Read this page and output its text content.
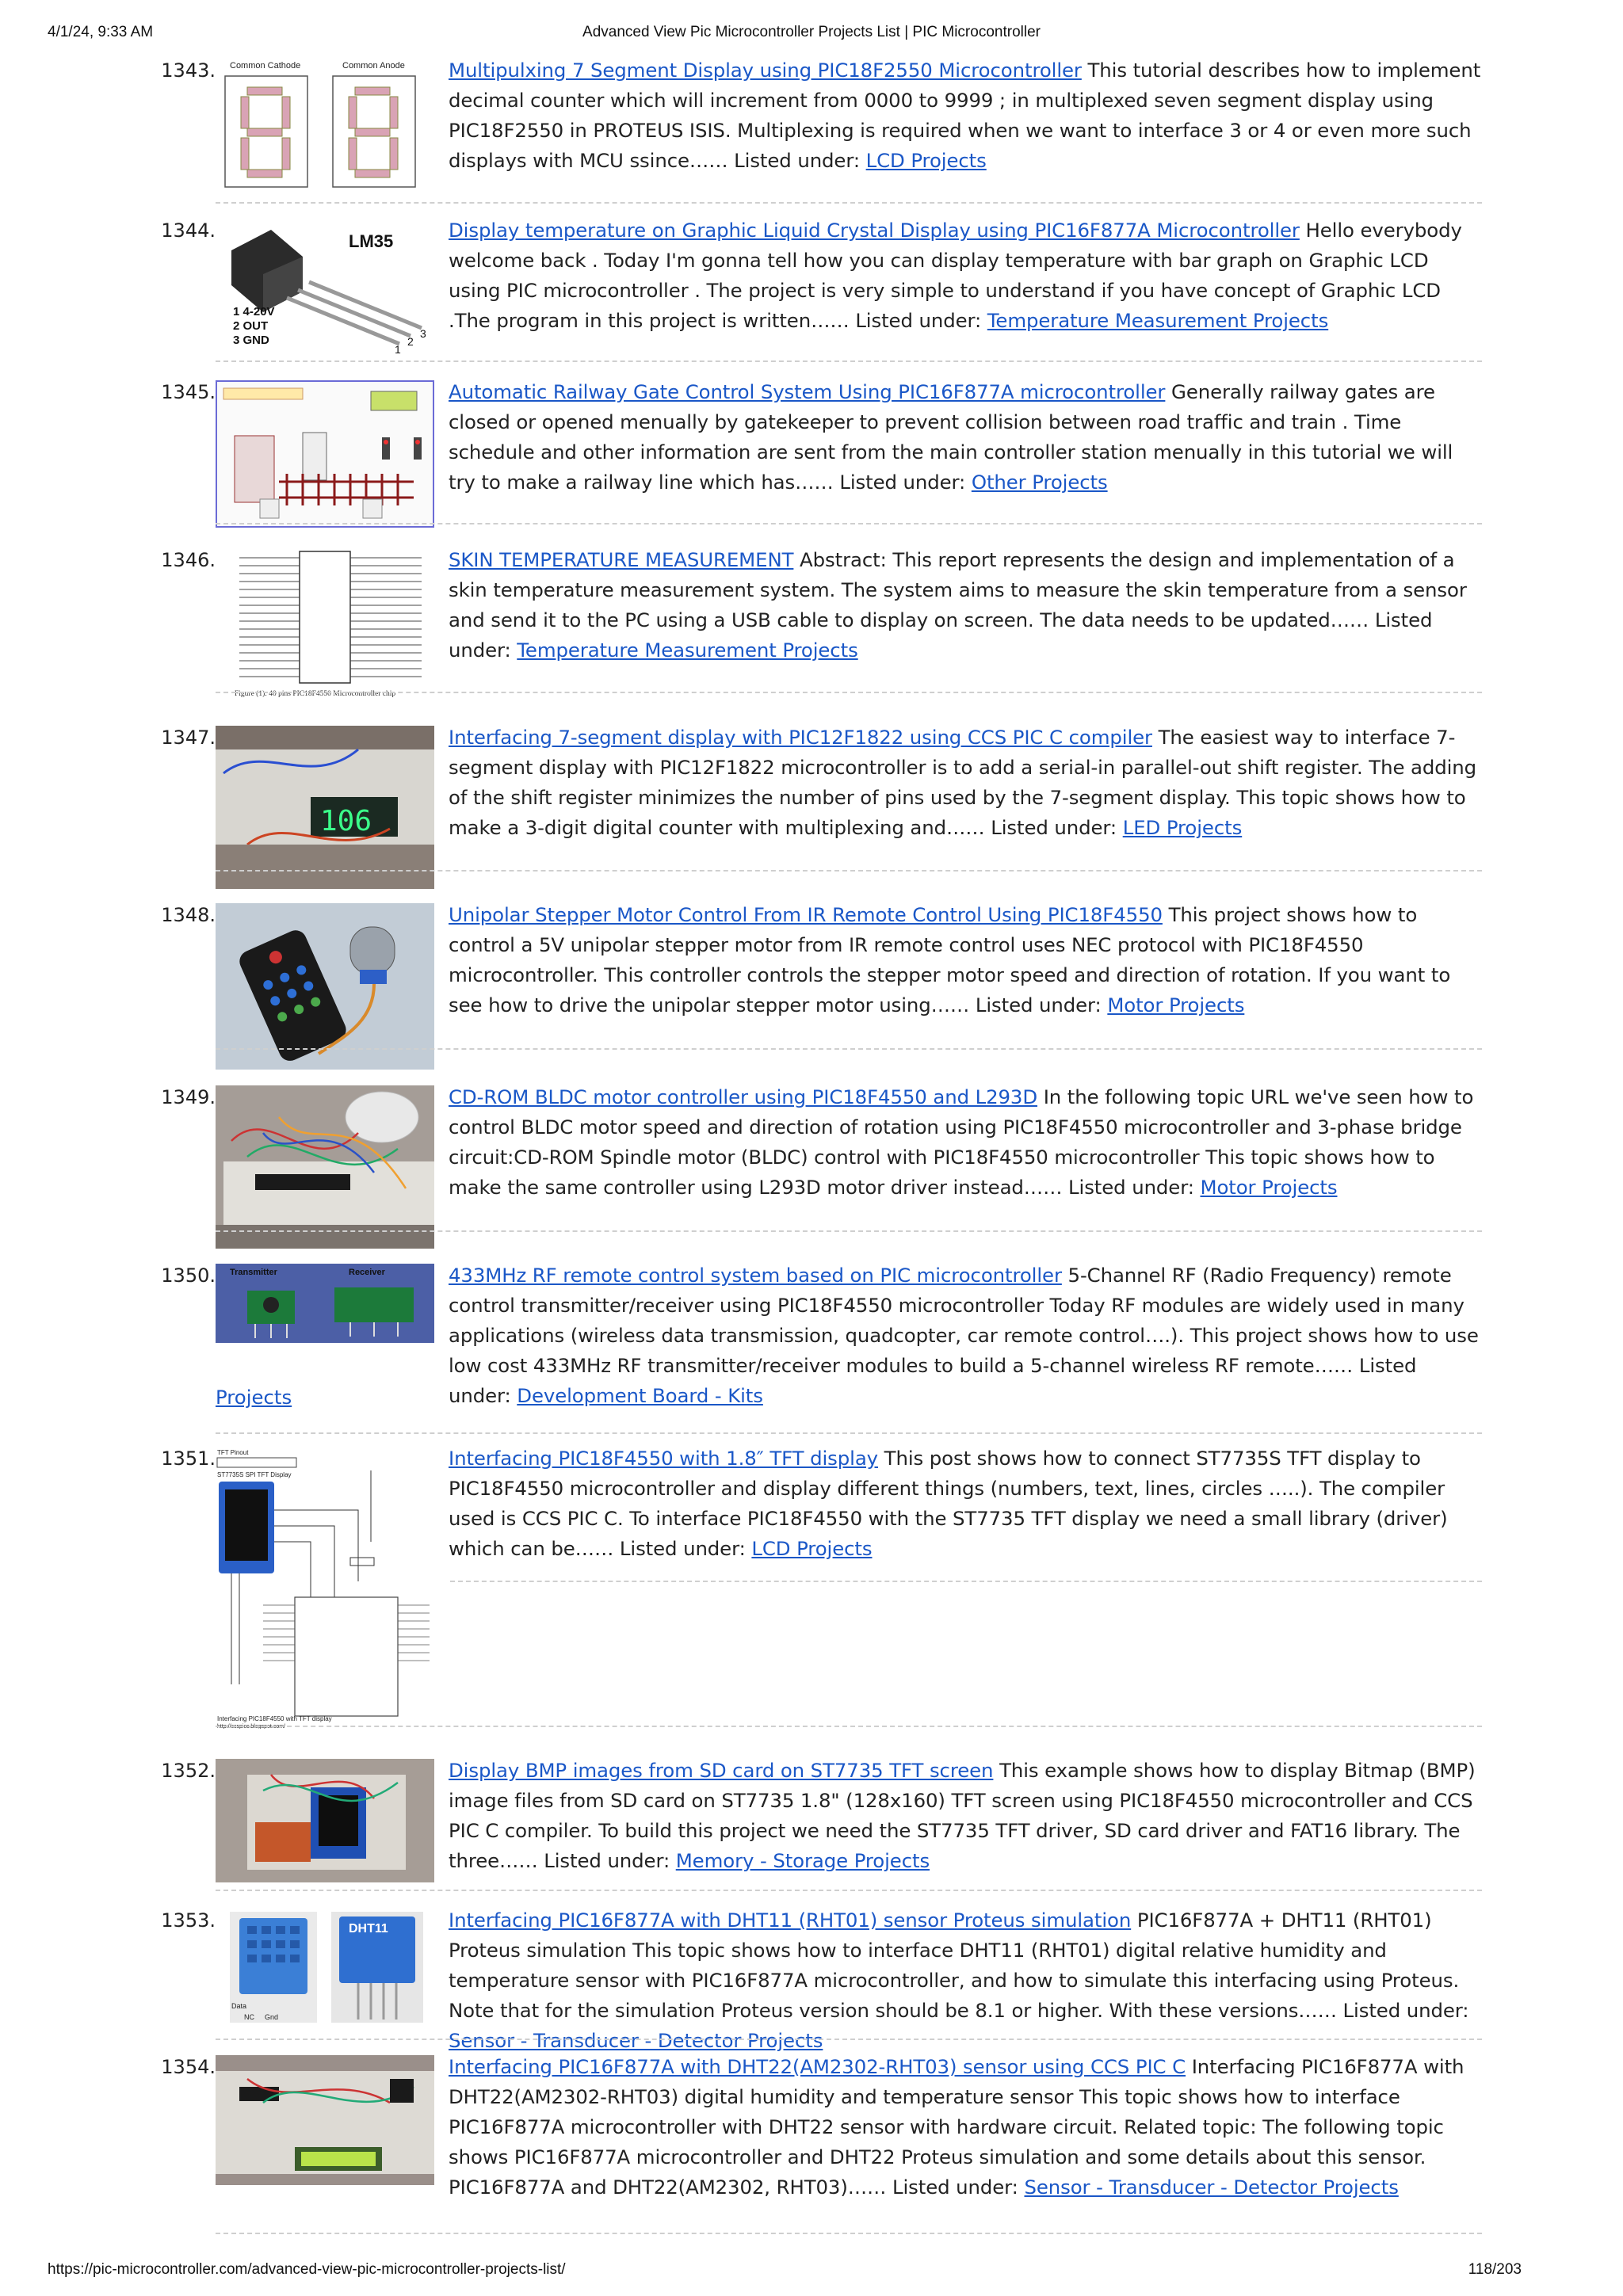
4/1/24, 9:33 AM	Advanced View Pic Microcontroller Projects List | PIC Microcontroller
1343. Common Cathode	Common Anode Multipulxing 7 Segment Display using PIC18F2550 Microcontroller This tutorial describes how to implement decimal counter which will increment from 0000 to 9999 ; in multiplexed seven segment display using PIC18F2550 in PROTEUS ISIS. Multiplexing is required when we want to interface 3 or 4 or even more such displays with MCU ssince…… Listed under: LCD Projects
1344.	LM35
1 4-20V
2 OUT
3 GND
1
2
3
Display temperature on Graphic Liquid Crystal Display using PIC16F877A Microcontroller Hello everybody welcome back . Today I'm gonna tell how you can display temperature with bar graph on Graphic LCD using PIC microcontroller . The project is very simple to understand if you have concept of Graphic LCD .The program in this project is written…… Listed under: Temperature Measurement Projects
1345.	Automatic Railway Gate Control System Using PIC16F877A microcontroller Generally railway gates are closed or opened menually by gatekeeper to prevent collision between road traffic and train . Time schedule and other information are sent from the main controller station menually in this tutorial we will try to make a railway line which has…… Listed under: Other Projects
1346.
Figure (1): 40 pins PIC18F4550 Microcontroller chip
SKIN TEMPERATURE MEASUREMENT Abstract: This report represents the design and implementation of a skin temperature measurement system. The system aims to measure the skin temperature from a sensor and send it to the PC using a USB cable to display on screen. The data needs to be updated…… Listed under: Temperature Measurement Projects
1347.
106
Interfacing 7-segment display with PIC12F1822 using CCS PIC C compiler The easiest way to interface 7-segment display with PIC12F1822 microcontroller is to add a serial-in parallel-out shift register. The adding of the shift register minimizes the number of pins used by the 7-segment display. This topic shows how to make a 3-digit digital counter with multiplexing and…… Listed under: LED Projects
1348.	Unipolar Stepper Motor Control From IR Remote Control Using PIC18F4550 This project shows how to control a 5V unipolar stepper motor from IR remote control uses NEC protocol with PIC18F4550 microcontroller. This controller controls the stepper motor speed and direction of rotation. If you want to see how to drive the unipolar stepper motor using…… Listed under: Motor Projects
1349.	CD-ROM BLDC motor controller using PIC18F4550 and L293D In the following topic URL we've seen how to control BLDC motor speed and direction of rotation using PIC18F4550 microcontroller and 3-phase bridge circuit:CD-ROM Spindle motor (BLDC) control with PIC18F4550 microcontroller This topic shows how to make the same controller using L293D motor driver instead…… Listed under: Motor Projects
1350. Transmitter	Receiver	433MHz RF remote control system based on PIC microcontroller 5-Channel RF (Radio Frequency) remote control transmitter/receiver using PIC18F4550 microcontroller Today RF modules are widely used in many applications (wireless data transmission, quadcopter, car remote control….). This project shows how to use low cost 433MHz RF transmitter/receiver modules to build a 5-channel wireless RF remote…… Listed under: Development Board - Kits
Projects
1351. TFT Pinout
ST7735S SPI TFT Display
Interfacing PIC18F4550 with TFT display
http://ccspicc.blogspot.com/
Interfacing PIC18F4550 with 1.8″ TFT display This post shows how to connect ST7735S TFT display to PIC18F4550 microcontroller and display different things (numbers, text, lines, circles …..). The compiler used is CCS PIC C. To interface PIC18F4550 with the ST7735 TFT display we need a small library (driver) which can be…… Listed under: LCD Projects
1352.	Display BMP images from SD card on ST7735 TFT screen This example shows how to display Bitmap (BMP) image files from SD card on ST7735 1.8" (128x160) TFT screen using PIC18F4550 microcontroller and CCS PIC C compiler. To build this project we need the ST7735 TFT driver, SD card driver and FAT16 library. The three…… Listed under: Memory - Storage Projects
1353.
Data
NC Gnd
DHT11	Interfacing PIC16F877A with DHT11 (RHT01) sensor Proteus simulation PIC16F877A + DHT11 (RHT01) Proteus simulation This topic shows how to interface DHT11 (RHT01) digital relative humidity and temperature sensor with PIC16F877A microcontroller, and how to simulate this interfacing using Proteus. Note that for the simulation Proteus version should be 8.1 or higher. With these versions…… Listed under: Sensor - Transducer - Detector Projects
1354.	Interfacing PIC16F877A with DHT22(AM2302-RHT03) sensor using CCS PIC C Interfacing PIC16F877A with DHT22(AM2302-RHT03) digital humidity and temperature sensor This topic shows how to interface PIC16F877A microcontroller with DHT22 sensor with hardware circuit. Related topic: The following topic shows PIC16F877A microcontroller and DHT22 Proteus simulation and some details about this sensor. PIC16F877A and DHT22(AM2302, RHT03)…… Listed under: Sensor - Transducer - Detector Projects
https://pic-microcontroller.com/advanced-view-pic-microcontroller-projects-list/	118/203
